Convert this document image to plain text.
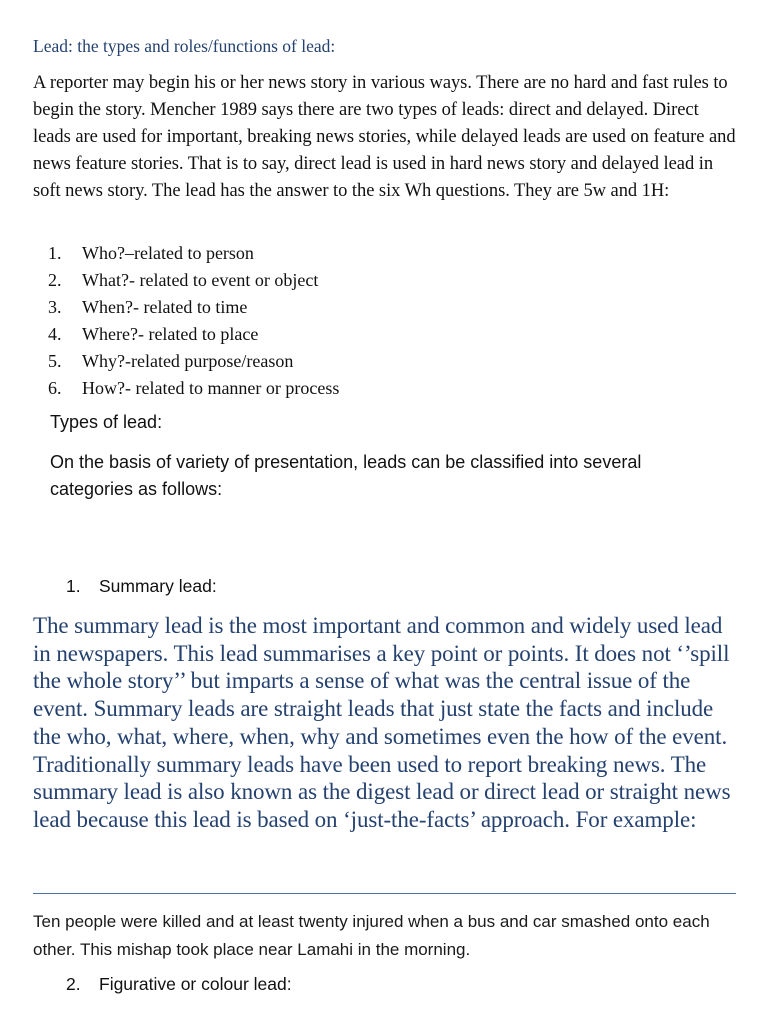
Lead: the types and roles/functions of lead:

A reporter may begin his or her news story in various ways. There are no hard and fast rules to begin the story. Mencher 1989 says there are two types of leads: direct and delayed. Direct leads are used for important, breaking news stories, while delayed leads are used on feature and news feature stories. That is to say, direct lead is used in hard news story and delayed lead in soft news story. The lead has the answer to the six Wh questions. They are 5w and 1H:

1. Who?–related to person
2. What?- related to event or object
3. When?- related to time
4. Where?- related to place
5. Why?-related purpose/reason
6. How?- related to manner or process

Types of lead:

On the basis of variety of presentation, leads can be classified into several categories as follows:

1. Summary lead:

The summary lead is the most important and common and widely used lead in newspapers. This lead summarises a key point or points. It does not ‘’spill the whole story’’ but imparts a sense of what was the central issue of the event. Summary leads are straight leads that just state the facts and include the who, what, where, when, why and sometimes even the how of the event. Traditionally summary leads have been used to report breaking news. The summary lead is also known as the digest lead or direct lead or straight news lead because this lead is based on ‘just-the-facts’ approach. For example:

Ten people were killed and at least twenty injured when a bus and car smashed onto each other. This mishap took place near Lamahi in the morning.

2. Figurative or colour lead:
